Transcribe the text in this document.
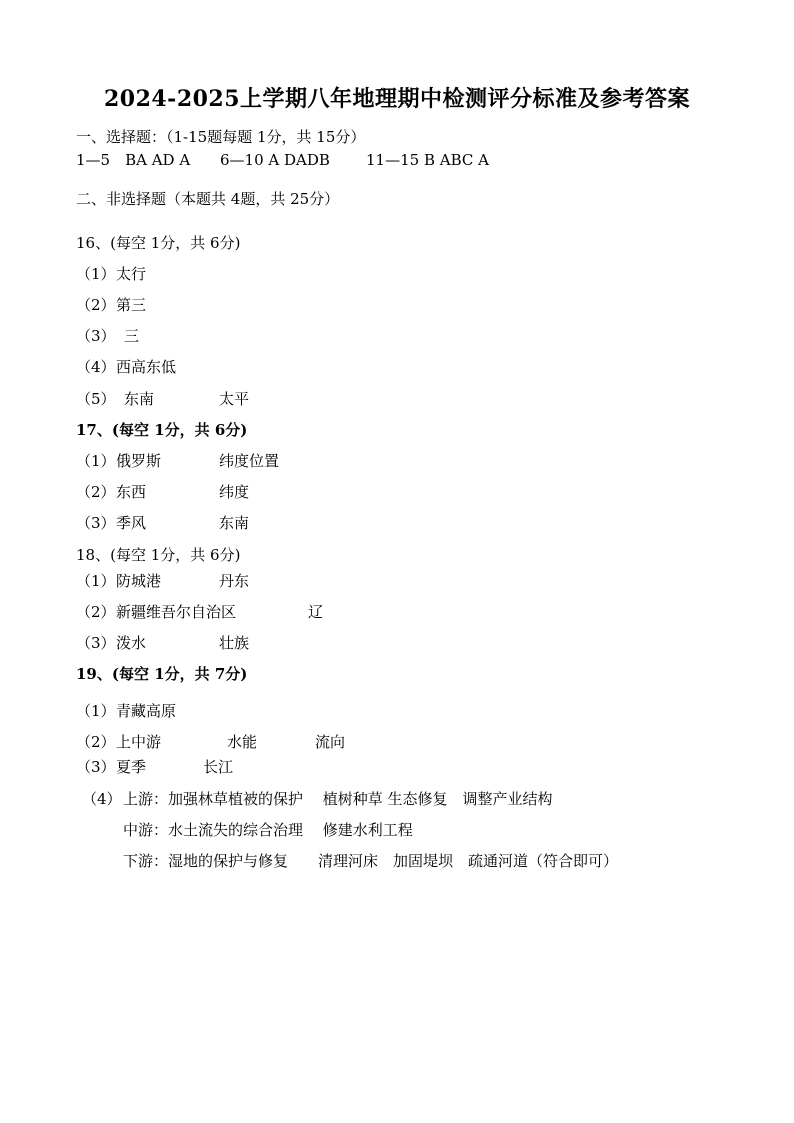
2024-2025上学期八年地理期中检测评分标准及参考答案
一、选择题：（1-15题每题 1分，共 15分）
1—5　BA AD A 6—10 A DADB 11—15 B ABC A
二、非选择题（本题共 4题，共 25分）
16、(每空 1分，共 6分)
（1） 太行
（2） 第三
（3） 三
（4） 西高东低
（5） 东南	太平
17、(每空 1分，共 6分)
（1） 俄罗斯	纬度位置
（2） 东西	纬度
（3） 季风	东南
18、(每空 1分，共 6分)
（1） 防城港	丹东
（2） 新疆维吾尔自治区	辽
（3） 泼水	壮族
19、(每空 1分，共 7分)
（1） 青藏高原
（2） 上中游	水能	流向
（3） 夏季	长江
（4） 上游：加强林草植被的保护　 植树种草 生态修复　调整产业结构
中游：水土流失的综合治理　 修建水利工程
下游：湿地的保护与修复　　清理河床　加固堤坝　疏通河道（符合即可）
